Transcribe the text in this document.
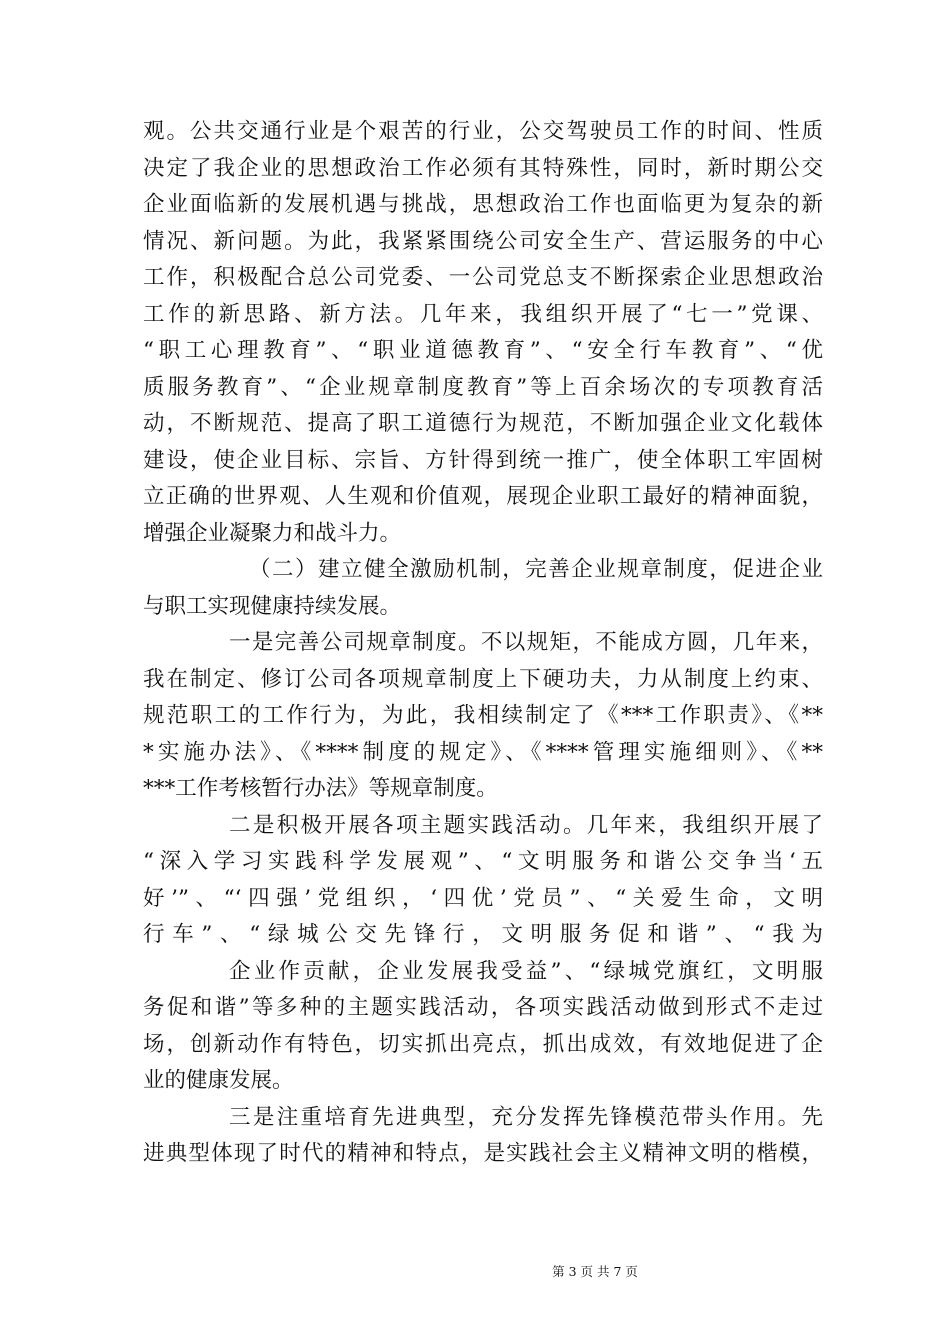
观。公共交通行业是个艰苦的行业，公交驾驶员工作的时间、性质
决定了我企业的思想政治工作必须有其特殊性，同时，新时期公交
企业面临新的发展机遇与挑战，思想政治工作也面临更为复杂的新
情况、新问题。为此，我紧紧围绕公司安全生产、营运服务的中心
工作，积极配合总公司党委、一公司党总支不断探索企业思想政治
工作的新思路、新方法。几年来，我组织开展了“七一”党课、
“职工心理教育”、“职业道德教育”、“安全行车教育”、“优
质服务教育”、“企业规章制度教育”等上百余场次的专项教育活
动，不断规范、提高了职工道德行为规范，不断加强企业文化载体
建设，使企业目标、宗旨、方针得到统一推广，使全体职工牢固树
立正确的世界观、人生观和价值观，展现企业职工最好的精神面貌，
增强企业凝聚力和战斗力。
（二）建立健全激励机制，完善企业规章制度，促进企业
与职工实现健康持续发展。
一是完善公司规章制度。不以规矩，不能成方圆，几年来，
我在制定、修订公司各项规章制度上下硬功夫，力从制度上约束、
规范职工的工作行为，为此，我相续制定了《***工作职责》、《**
*实施办法》、《****制度的规定》、《****管理实施细则》、《**
***工作考核暂行办法》等规章制度。
二是积极开展各项主题实践活动。几年来，我组织开展了
“深入学习实践科学发展观”、“文明服务和谐公交争当‘五
好’”、“‘四强’党组织，‘四优’党员”、“关爱生命，文明
行车”、“绿城公交先锋行，文明服务促和谐”、“我为
企业作贡献，企业发展我受益”、“绿城党旗红，文明服
务促和谐”等多种的主题实践活动，各项实践活动做到形式不走过
场，创新动作有特色，切实抓出亮点，抓出成效，有效地促进了企
业的健康发展。
三是注重培育先进典型，充分发挥先锋模范带头作用。先
进典型体现了时代的精神和特点，是实践社会主义精神文明的楷模，
第 3 页 共 7 页
